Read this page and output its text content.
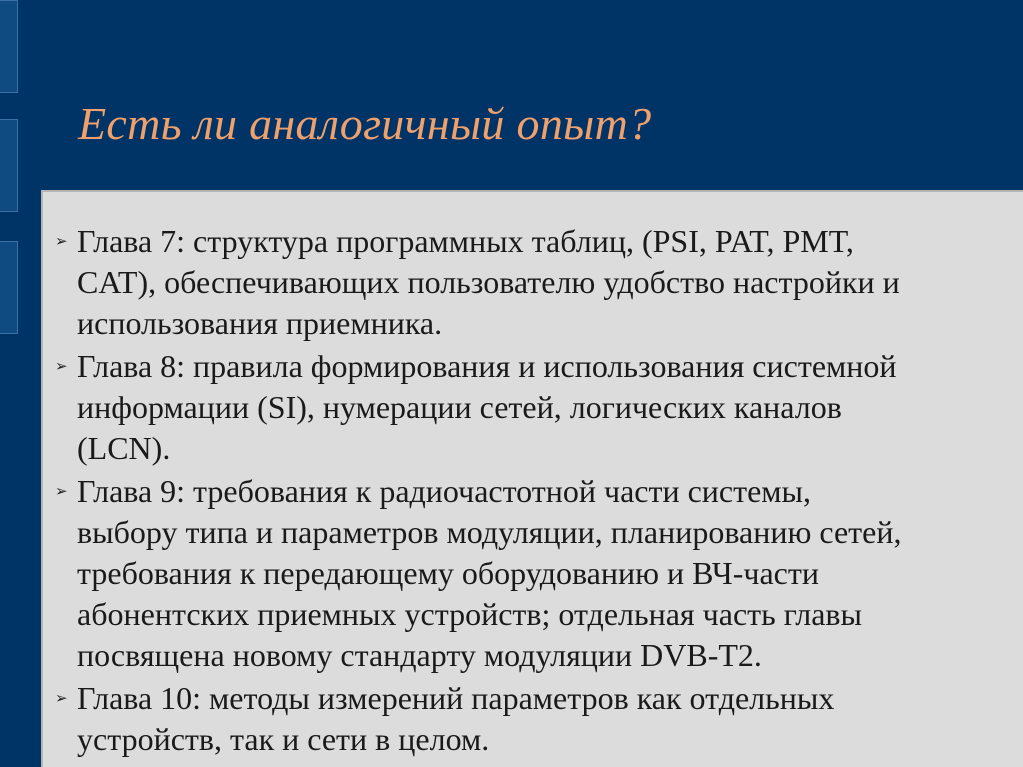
Есть ли аналогичный опыт?
➢ Глава 7: структура программных таблиц, (PSI, PAT, PMT,
CAT), обеспечивающих пользователю удобство настройки и
использования приемника.
➢ Глава 8: правила формирования и использования системной
информации (SI), нумерации сетей, логических каналов
(LCN).
➢ Глава 9: требования к радиочастотной части системы,
выбору типа и параметров модуляции, планированию сетей,
требования к передающему оборудованию и ВЧ-части
абонентских приемных устройств; отдельная часть главы
посвящена новому стандарту модуляции DVB-T2.
➢ Глава 10: методы измерений параметров как отдельных
устройств, так и сети в целом.
